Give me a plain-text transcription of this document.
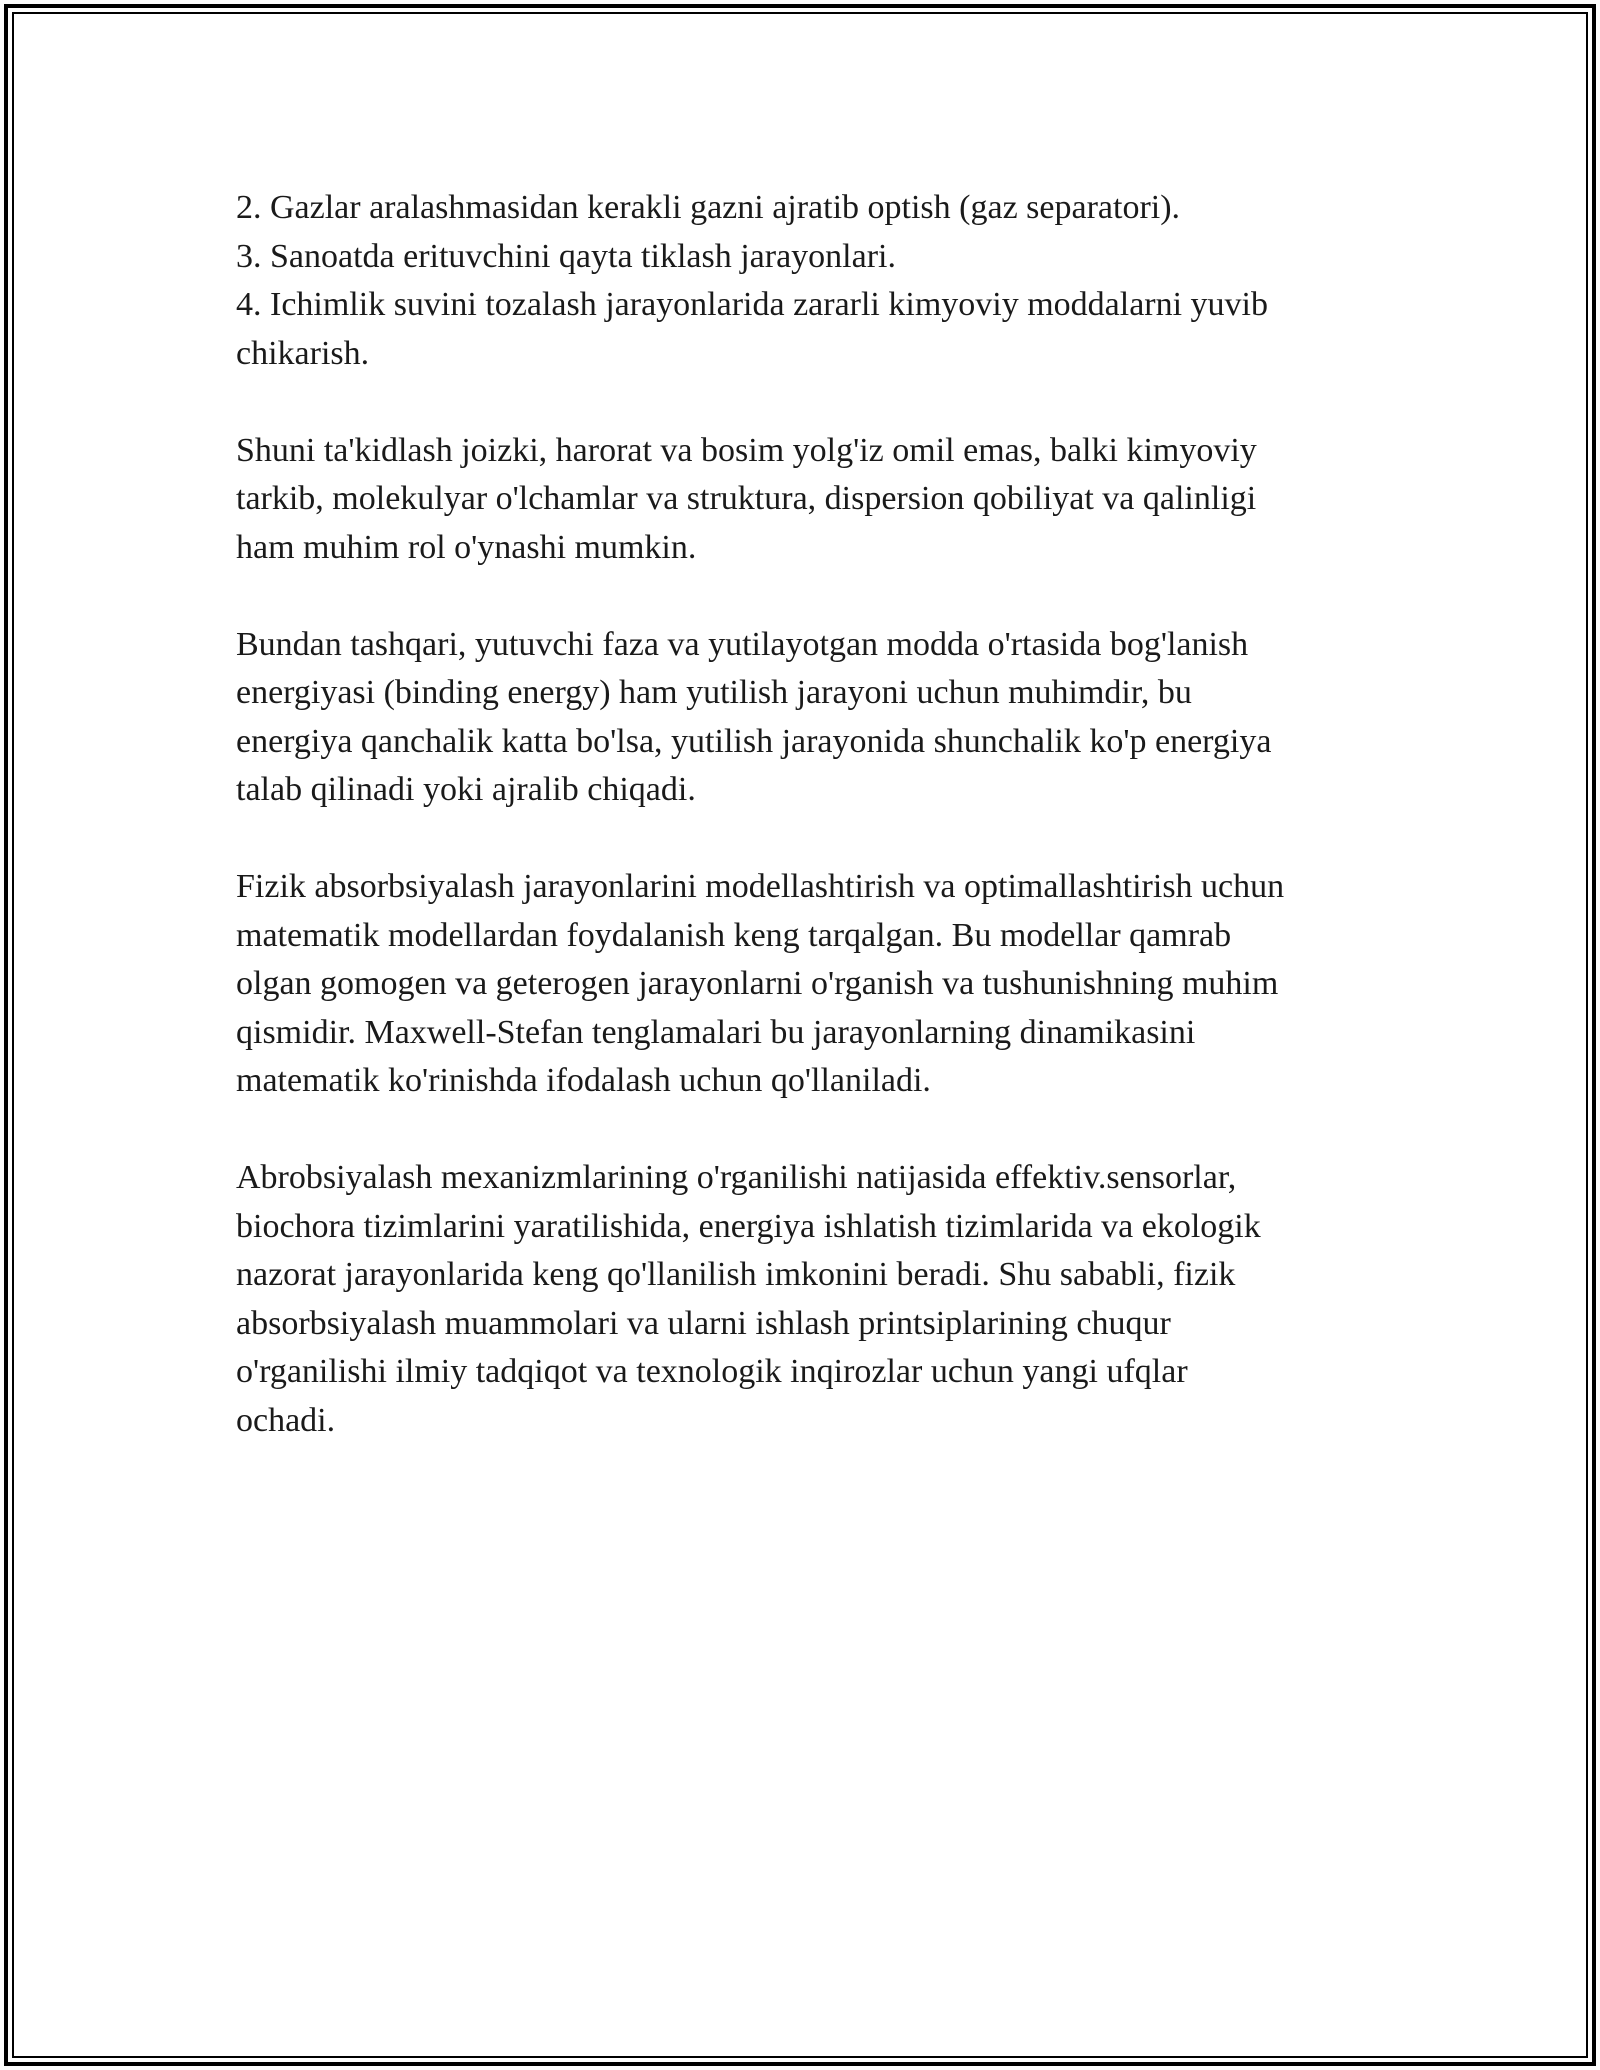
2. Gazlar aralashmasidan kerakli gazni ajratib optish (gaz separatori).
3. Sanoatda erituvchini qayta tiklash jarayonlari.
4. Ichimlik suvini tozalash jarayonlarida zararli kimyoviy moddalarni yuvib
chikarish.
Shuni ta'kidlash joizki, harorat va bosim yolg'iz omil emas, balki kimyoviy
tarkib, molekulyar o'lchamlar va struktura, dispersion qobiliyat va qalinligi
ham muhim rol o'ynashi mumkin.
Bundan tashqari, yutuvchi faza va yutilayotgan modda o'rtasida bog'lanish
energiyasi (binding energy) ham yutilish jarayoni uchun muhimdir, bu
energiya qanchalik katta bo'lsa, yutilish jarayonida shunchalik ko'p energiya
talab qilinadi yoki ajralib chiqadi.
Fizik absorbsiyalash jarayonlarini modellashtirish va optimallashtirish uchun
matematik modellardan foydalanish keng tarqalgan. Bu modellar qamrab
olgan gomogen va geterogen jarayonlarni o'rganish va tushunishning muhim
qismidir. Maxwell-Stefan tenglamalari bu jarayonlarning dinamikasini
matematik ko'rinishda ifodalash uchun qo'llaniladi.
Abrobsiyalash mexanizmlarining o'rganilishi natijasida effektiv.sensorlar,
biochora tizimlarini yaratilishida, energiya ishlatish tizimlarida va ekologik
nazorat jarayonlarida keng qo'llanilish imkonini beradi. Shu sababli, fizik
absorbsiyalash muammolari va ularni ishlash printsiplarining chuqur
o'rganilishi ilmiy tadqiqot va texnologik inqirozlar uchun yangi ufqlar
ochadi.
